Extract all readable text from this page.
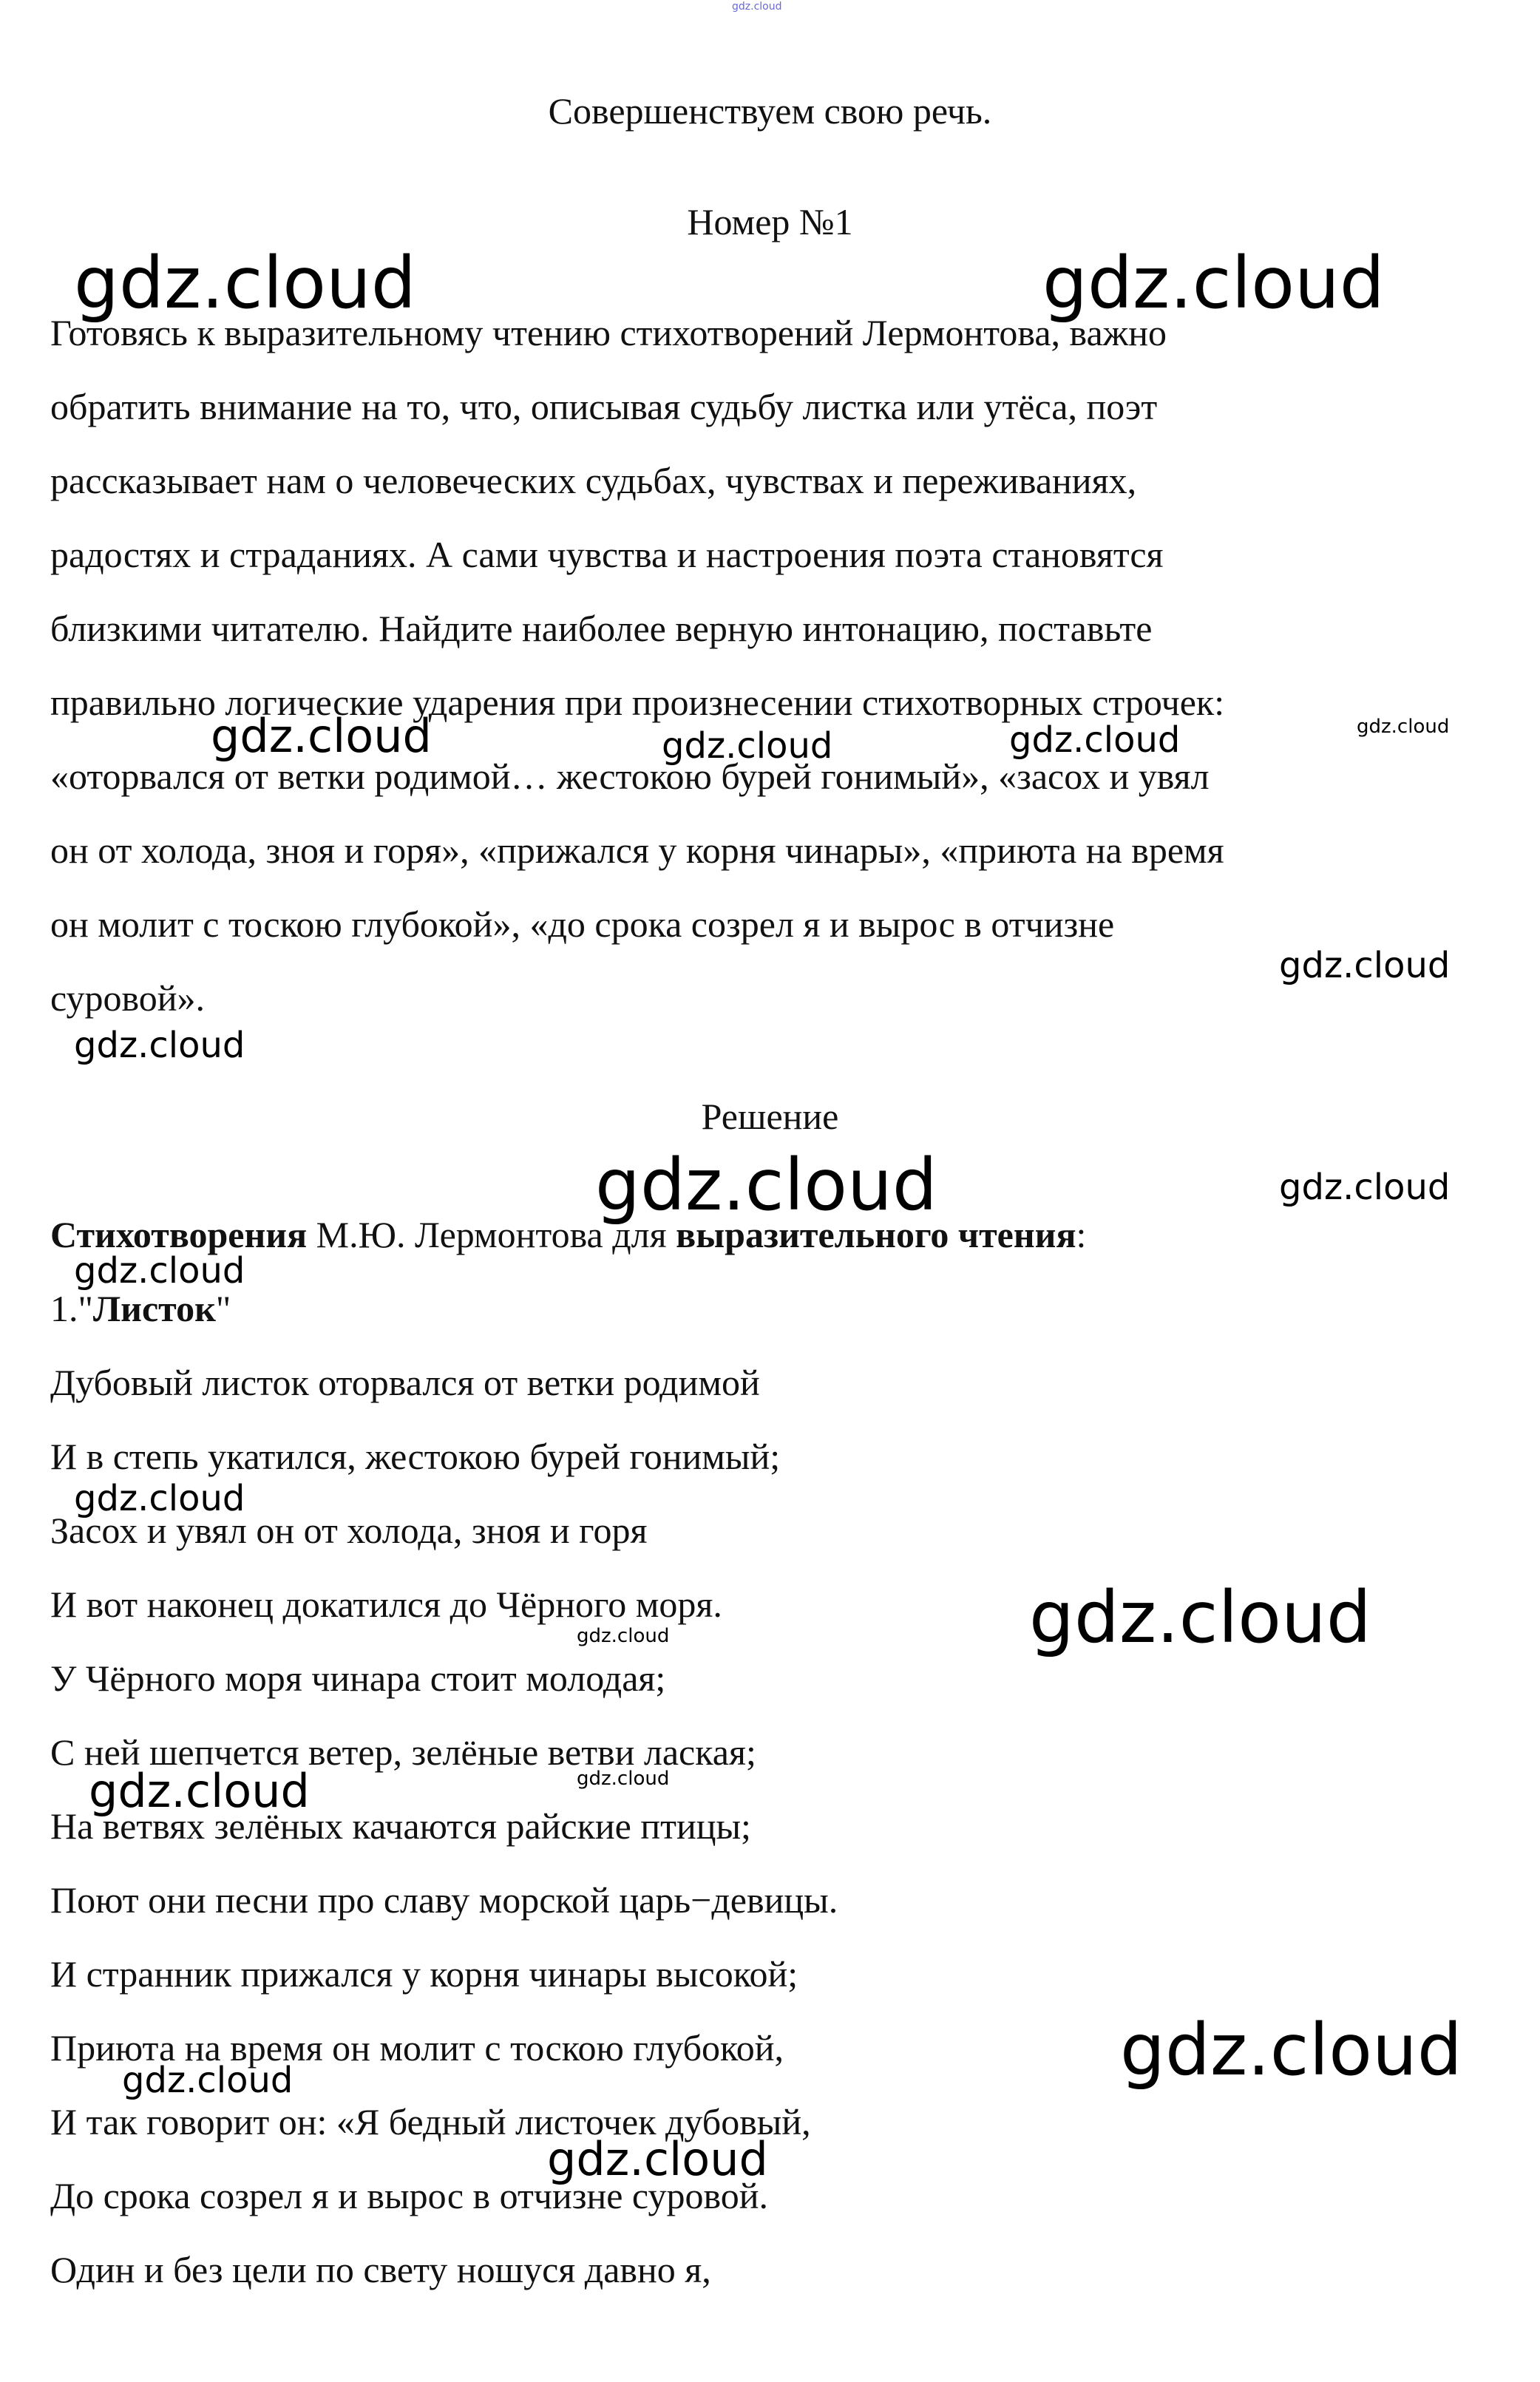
Совершенствуем свою речь.
Номер №1
Готовясь к выразительному чтению стихотворений Лермонтова, важно
обратить внимание на то, что, описывая судьбу листка или утёса, поэт
рассказывает нам о человеческих судьбах, чувствах и переживаниях,
радостях и страданиях. А сами чувства и настроения поэта становятся
близкими читателю. Найдите наиболее верную интонацию, поставьте
правильно логические ударения при произнесении стихотворных строчек:
«оторвался от ветки родимой… жестокою бурей гонимый», «засох и увял
он от холода, зноя и горя», «прижался у корня чинары», «приюта на время
он молит с тоскою глубокой», «до срока созрел я и вырос в отчизне
суровой».
Решение
Стихотворения М.Ю. Лермонтова для выразительного чтения:
1."Листок"
Дубовый листок оторвался от ветки родимой
И в степь укатился, жестокою бурей гонимый;
Засох и увял он от холода, зноя и горя
И вот наконец докатился до Чёрного моря.
У Чёрного моря чинара стоит молодая;
С ней шепчется ветер, зелёные ветви лаская;
На ветвях зелёных качаются райские птицы;
Поют они песни про славу морской царь−девицы.
И странник прижался у корня чинары высокой;
Приюта на время он молит с тоскою глубокой,
И так говорит он: «Я бедный листочек дубовый,
До срока созрел я и вырос в отчизне суровой.
Один и без цели по свету ношуся давно я,
gdz.cloud
gdz.cloud	gdz.cloud
gdz.cloud	gdz.cloud	gdz.cloud	gdz.cloud
gdz.cloud
gdz.cloud
gdz.cloud	gdz.cloud
gdz.cloud
gdz.cloud
gdz.cloud	gdz.cloud
gdz.cloud
gdz.cloud
gdz.cloud
gdz.cloud
gdz.cloud
